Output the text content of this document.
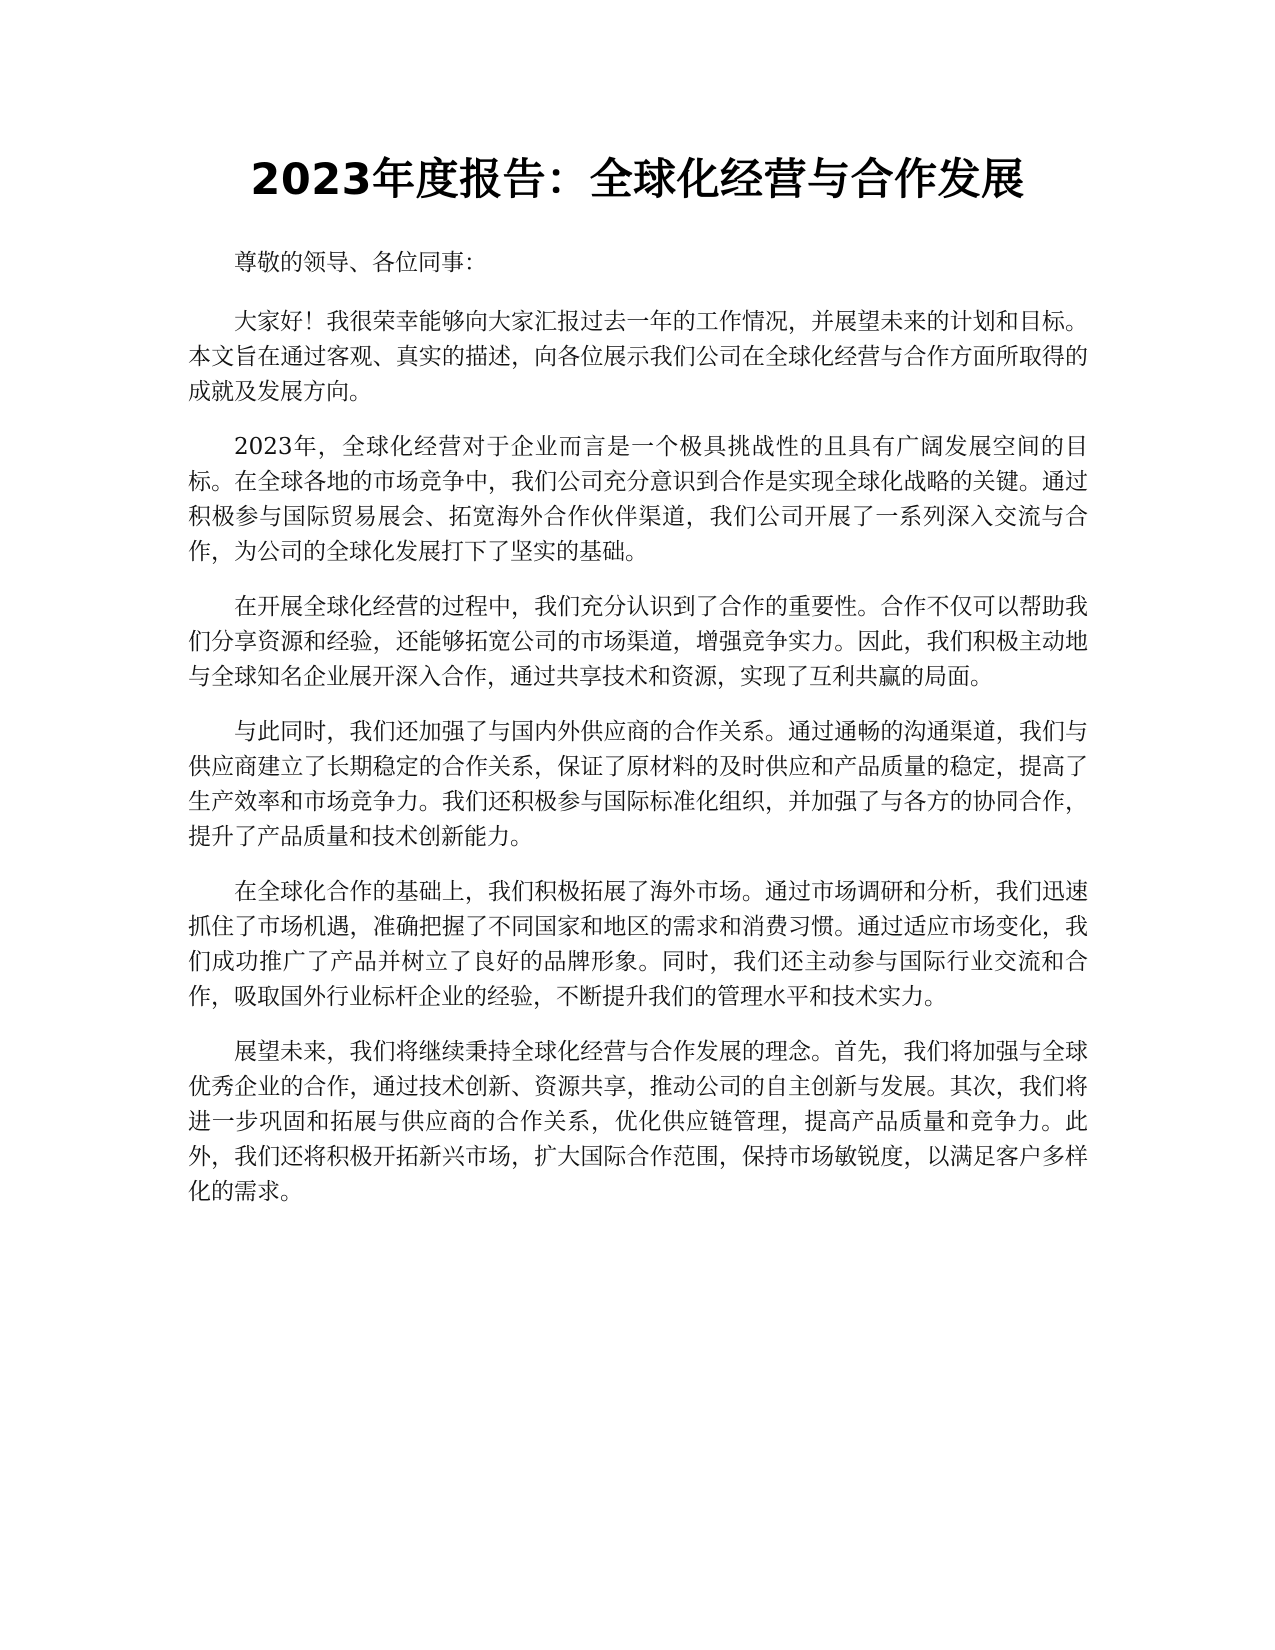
2023年度报告：全球化经营与合作发展

尊敬的领导、各位同事：

大家好！我很荣幸能够向大家汇报过去一年的工作情况，并展望未来的计划和目标。本文旨在通过客观、真实的描述，向各位展示我们公司在全球化经营与合作方面所取得的成就及发展方向。

2023年，全球化经营对于企业而言是一个极具挑战性的且具有广阔发展空间的目标。在全球各地的市场竞争中，我们公司充分意识到合作是实现全球化战略的关键。通过积极参与国际贸易展会、拓宽海外合作伙伴渠道，我们公司开展了一系列深入交流与合作，为公司的全球化发展打下了坚实的基础。

在开展全球化经营的过程中，我们充分认识到了合作的重要性。合作不仅可以帮助我们分享资源和经验，还能够拓宽公司的市场渠道，增强竞争实力。因此，我们积极主动地与全球知名企业展开深入合作，通过共享技术和资源，实现了互利共赢的局面。

与此同时，我们还加强了与国内外供应商的合作关系。通过通畅的沟通渠道，我们与供应商建立了长期稳定的合作关系，保证了原材料的及时供应和产品质量的稳定，提高了生产效率和市场竞争力。我们还积极参与国际标准化组织，并加强了与各方的协同合作，提升了产品质量和技术创新能力。

在全球化合作的基础上，我们积极拓展了海外市场。通过市场调研和分析，我们迅速抓住了市场机遇，准确把握了不同国家和地区的需求和消费习惯。通过适应市场变化，我们成功推广了产品并树立了良好的品牌形象。同时，我们还主动参与国际行业交流和合作，吸取国外行业标杆企业的经验，不断提升我们的管理水平和技术实力。

展望未来，我们将继续秉持全球化经营与合作发展的理念。首先，我们将加强与全球优秀企业的合作，通过技术创新、资源共享，推动公司的自主创新与发展。其次，我们将进一步巩固和拓展与供应商的合作关系，优化供应链管理，提高产品质量和竞争力。此外，我们还将积极开拓新兴市场，扩大国际合作范围，保持市场敏锐度，以满足客户多样化的需求。
